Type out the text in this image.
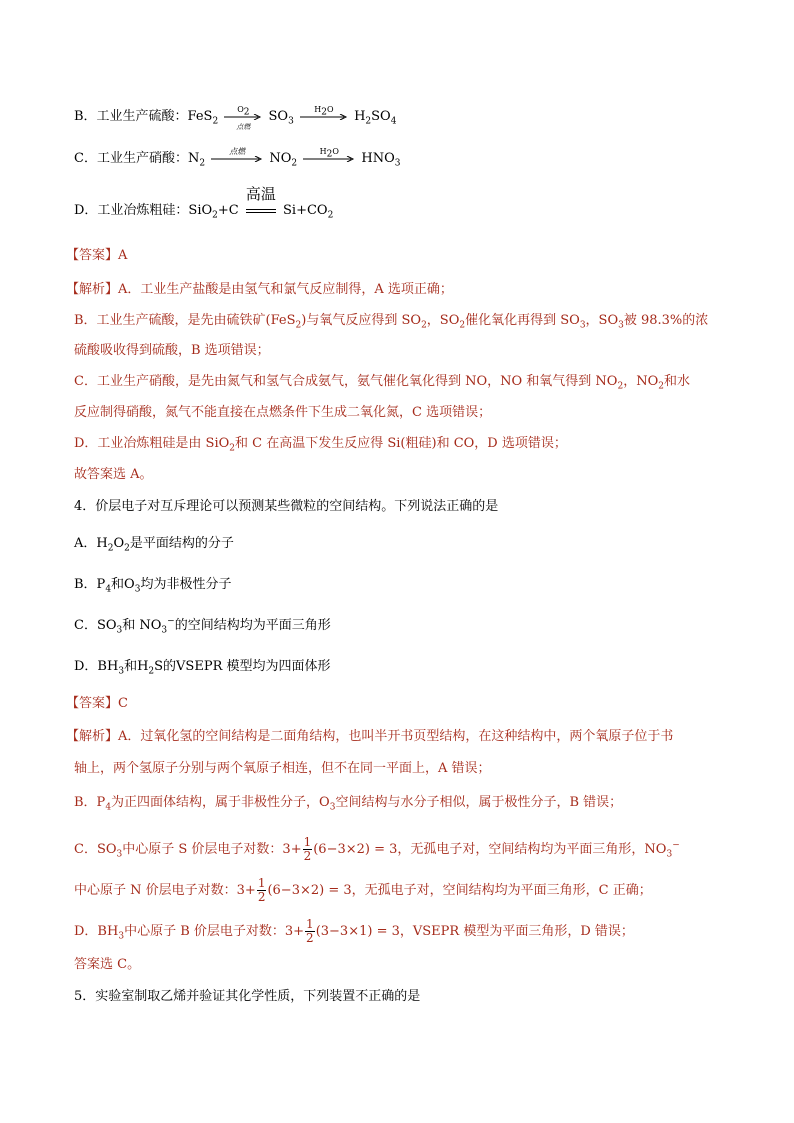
B．工业生产硫酸：FeS$_2$
$O_2$
点燃
$SO_3$
$H_2O$	$H_2SO_4$
C．工业生产硝酸：$N_2$
点燃	$NO_2$
$H_2O$	$HNO_3$
D．工业冶炼粗硅：SiO$_2$+C
高温
$Si+CO_2$
【答案】A
【解析】A．工业生产盐酸是由氢气和氯气反应制得，A 选项正确；
B．工业生产硫酸，是先由硫铁矿(FeS$_2$)与氧气反应得到 $SO_2$，$SO_2$催化氧化再得到 $SO_3$，$SO_3$被 98.3%的浓
硫酸吸收得到硫酸，B 选项错误；
C．工业生产硝酸，是先由氮气和氢气合成氨气，氨气催化氧化得到 NO，NO 和氧气得到 $NO_2$，$NO_2$和水
反应制得硝酸，氮气不能直接在点燃条件下生成二氧化氮，C 选项错误；
D．工业冶炼粗硅是由 SiO$_2$和 C 在高温下发生反应得 Si(粗硅)和 CO，D 选项错误；
故答案选 A。
4．价层电子对互斥理论可以预测某些微粒的空间结构。下列说法正确的是
A．$H_2O_2$是平面结构的分子
B．$P_4$和$O_3$均为非极性分子
C．$SO_3$和 $NO_3^-$的空间结构均为平面三角形
D．$BH_3$和$H_2S$的VSEPR 模型均为四面体形
【答案】C
【解析】A．过氧化氢的空间结构是二面角结构，也叫半开书页型结构，在这种结构中，两个氧原子位于书
轴上，两个氢原子分别与两个氧原子相连，但不在同一平面上，A 错误；
B．$P_4$为正四面体结构，属于非极性分子，$O_3$空间结构与水分子相似，属于极性分子，B 错误；
C．$SO_3$中心原子 S 价层电子对数：$3+ \frac{1}{2} (6-3\times 2) = 3$，无孤电子对，空间结构均为平面三角形，$NO_3^-$
中心原子 N 价层电子对数：$3+ \frac{1}{2} (6-3\times 2) = 3$，无孤电子对，空间结构均为平面三角形，C 正确；
D．$BH_3$中心原子 B 价层电子对数：$3+ \frac{1}{2} (3-3\times 1) = 3$，VSEPR 模型为平面三角形，D 错误；
答案选 C。
5．实验室制取乙烯并验证其化学性质，下列装置不正确的是
